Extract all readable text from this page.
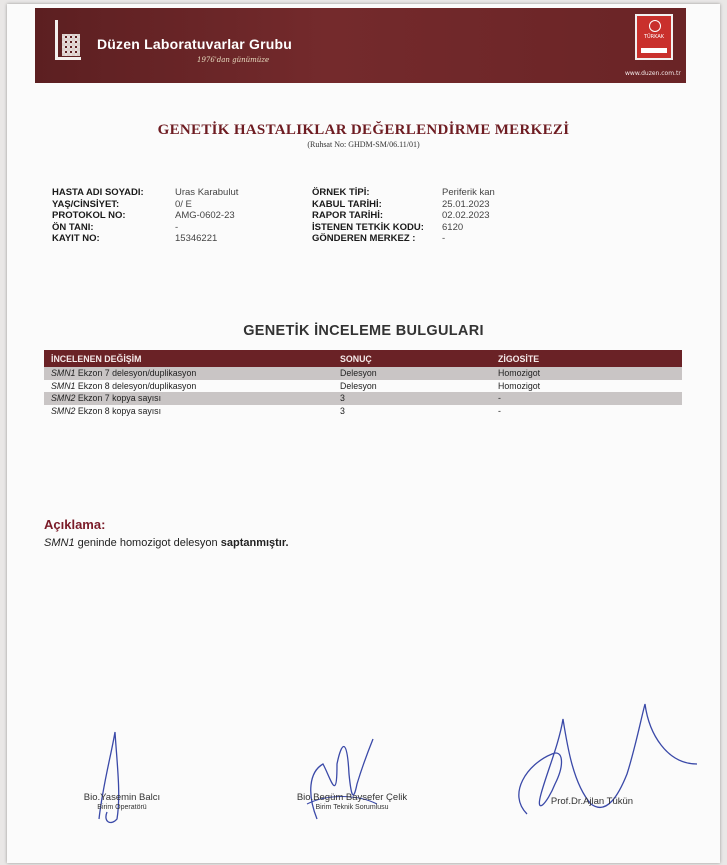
Düzen Laboratuvarlar Grubu
1976'dan günümüze
TÜRKAK
www.duzen.com.tr
GENETİK HASTALIKLAR DEĞERLENDİRME MERKEZİ
(Ruhsat No: GHDM-SM/06.11/01)
HASTA ADI SOYADI:	Uras Karabulut
YAŞ/CİNSİYET:	0/ E
PROTOKOL NO:	AMG-0602-23
ÖN TANI:	-
KAYIT NO:	15346221
ÖRNEK TİPİ:	Periferik kan
KABUL TARİHİ:	25.01.2023
RAPOR TARİHİ:	02.02.2023
İSTENEN TETKİK KODU: 6120
GÖNDEREN MERKEZ :	-
GENETİK İNCELEME BULGULARI
İNCELENEN DEĞİŞİM	SONUÇ	ZİGOSİTE
SMN1 Ekzon 7 delesyon/duplikasyon	Delesyon	Homozigot
SMN1 Ekzon 8 delesyon/duplikasyon	Delesyon	Homozigot
SMN2 Ekzon 7 kopya sayısı	3	-
SMN2 Ekzon 8 kopya sayısı	3	-
Açıklama:
SMN1 geninde homozigot delesyon saptanmıştır.
Bio.Yasemin Balcı
Birim Operatörü
Bio.Begüm Baysefer Çelik
Birim Teknik Sorumlusu
Prof.Dr.Ajlan Tükün
